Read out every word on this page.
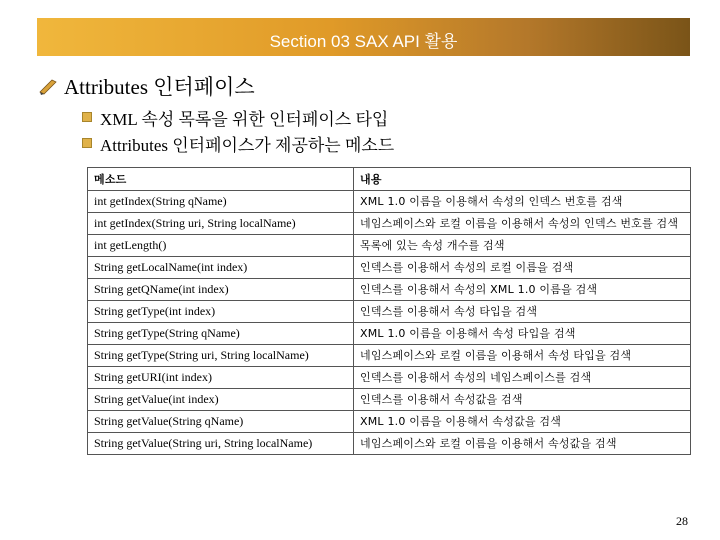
Section 03 SAX API 활용
Attributes 인터페이스
XML 속성 목록을 위한 인터페이스 타입
Attributes 인터페이스가 제공하는 메소드
메소드	내용
int getIndex(String qName)	XML 1.0 이름을 이용해서 속성의 인덱스 번호를 검색
int getIndex(String uri, String localName)	네임스페이스와 로컬 이름을 이용해서 속성의 인덱스 번호를 검색
int getLength()	목록에 있는 속성 개수를 검색
String getLocalName(int index)	인덱스를 이용해서 속성의 로컬 이름을 검색
String getQName(int index)	인덱스를 이용해서 속성의 XML 1.0 이름을 검색
String getType(int index)	인덱스를 이용해서 속성 타입을 검색
String getType(String qName)	XML 1.0 이름을 이용해서 속성 타입을 검색
String getType(String uri, String localName)	네임스페이스와 로컬 이름을 이용해서 속성 타입을 검색
String getURI(int index)	인덱스를 이용해서 속성의 네임스페이스를 검색
String getValue(int index)	인덱스를 이용해서 속성값을 검색
String getValue(String qName)	XML 1.0 이름을 이용해서 속성값을 검색
String getValue(String uri, String localName)	네임스페이스와 로컬 이름을 이용해서 속성값을 검색
28
